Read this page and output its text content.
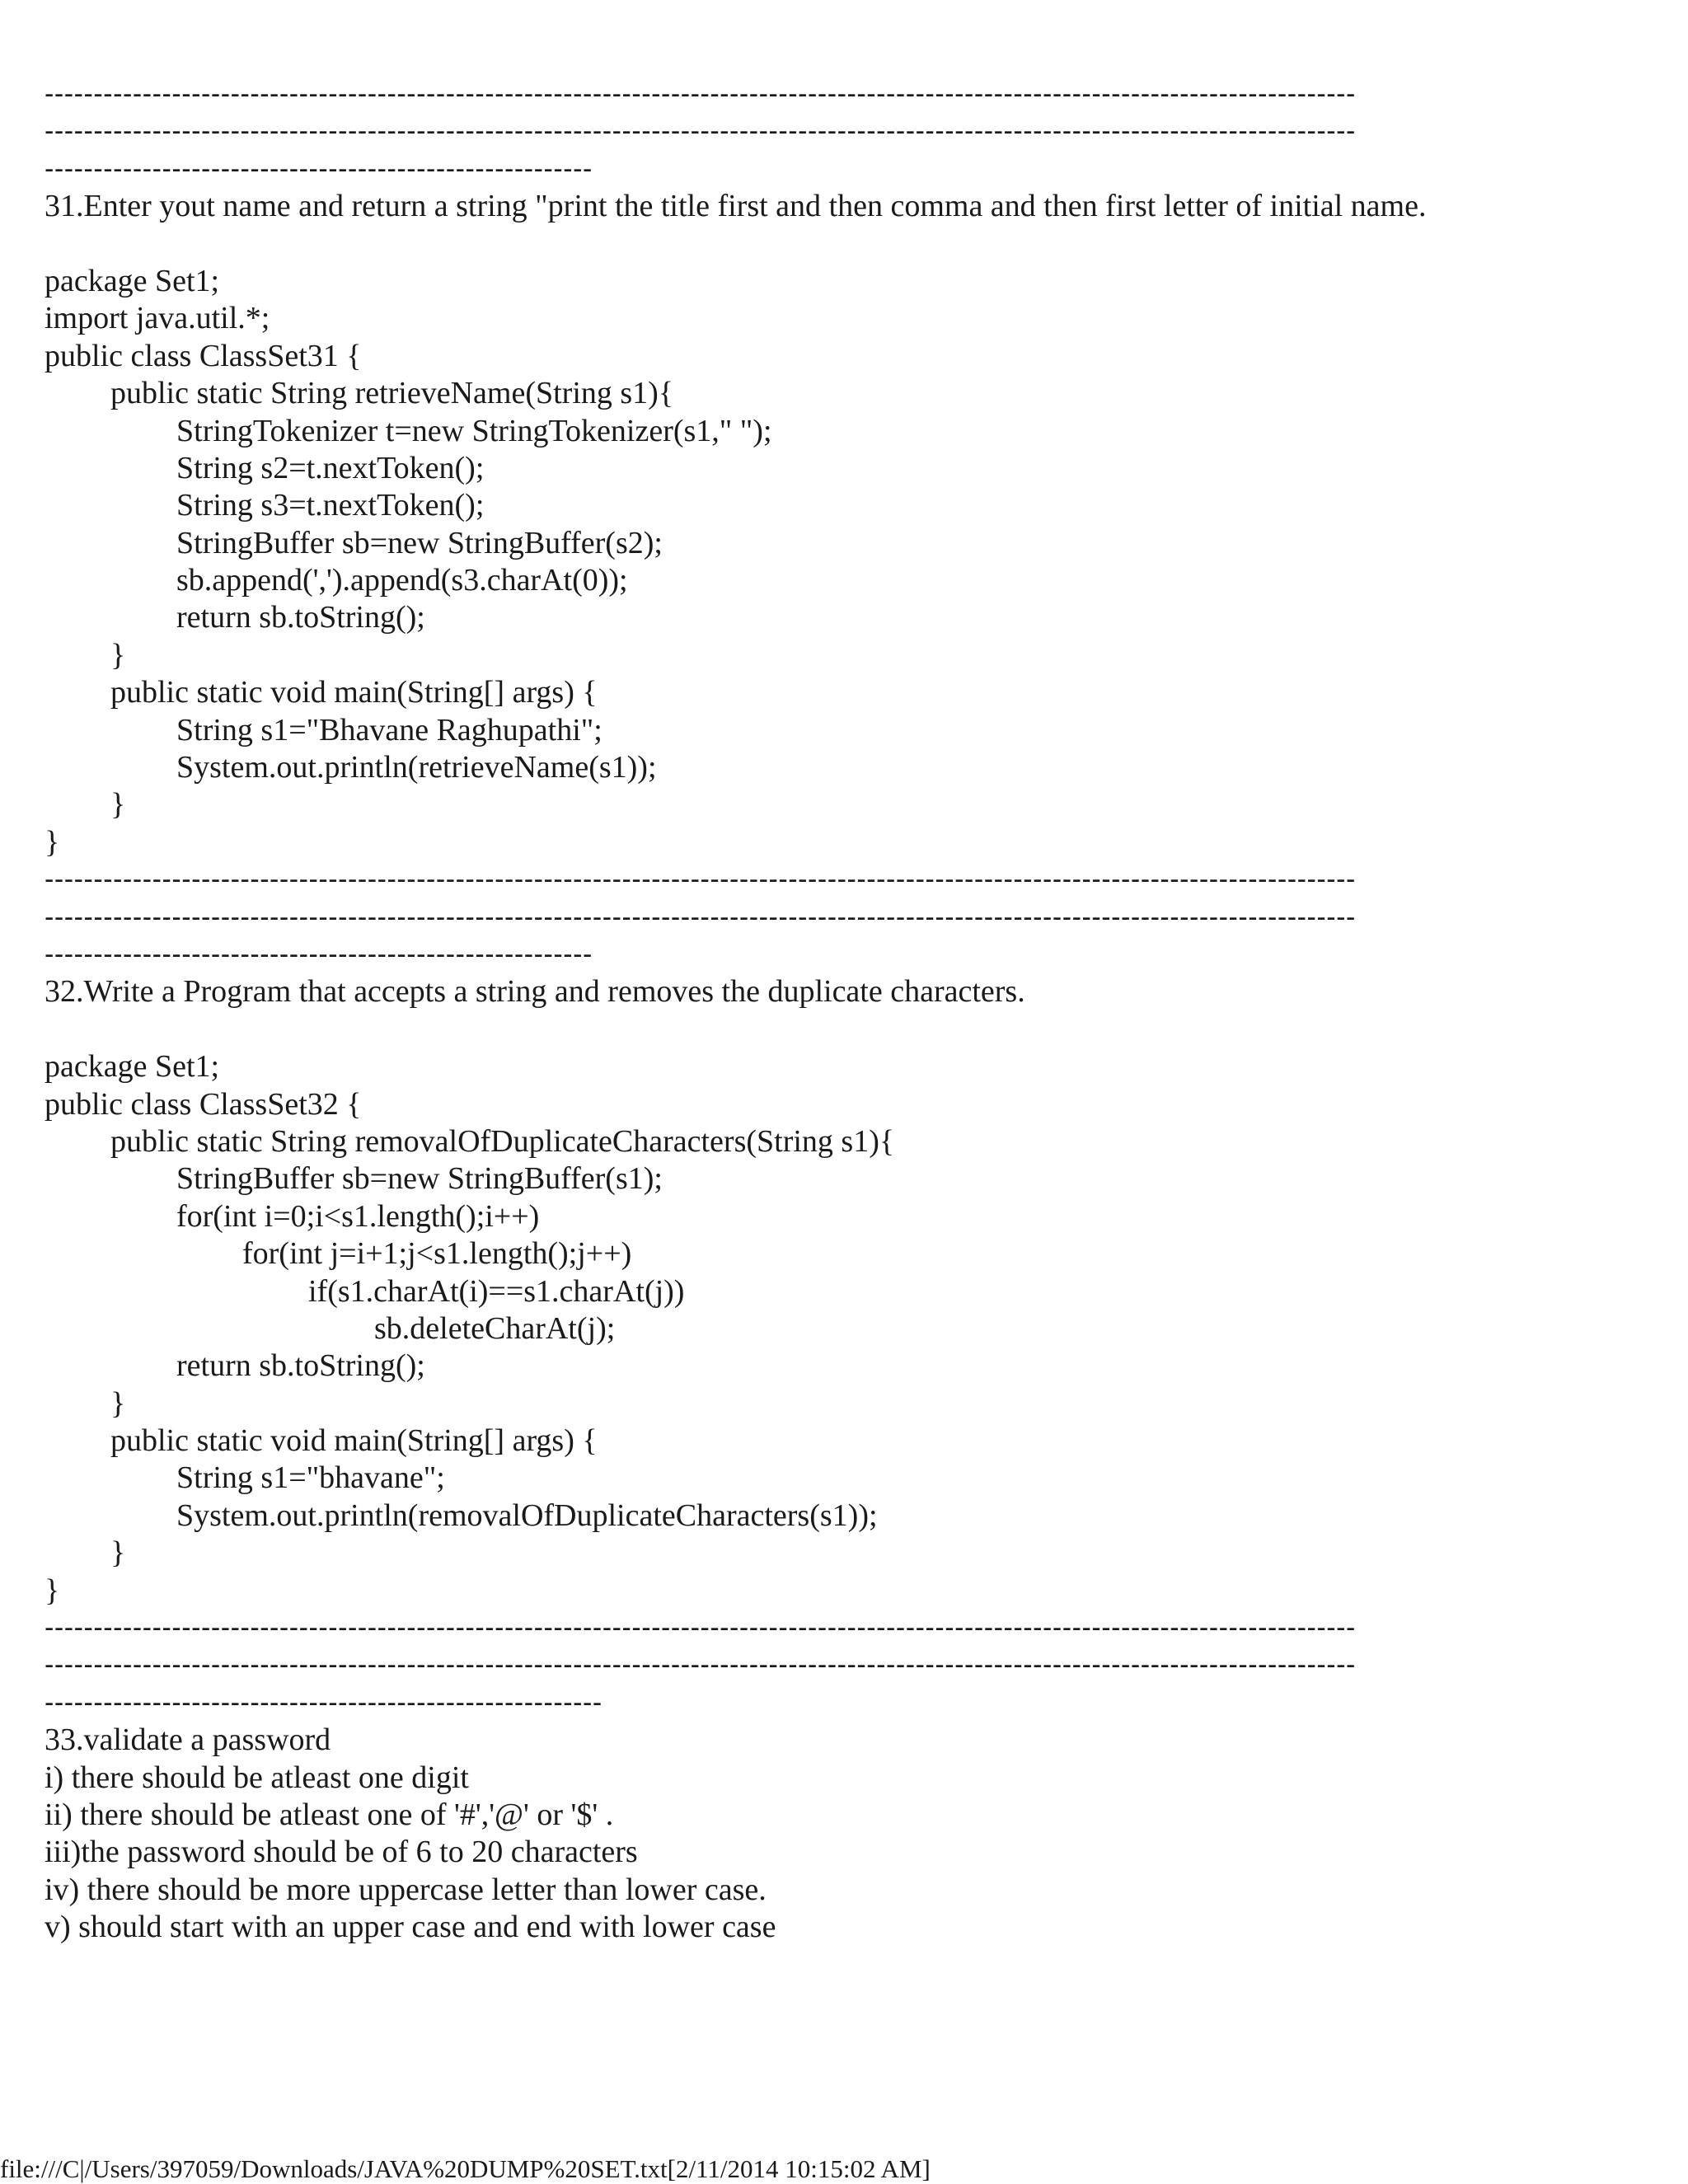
--------------------------------------------------------------------------------------------------------------------------------------
--------------------------------------------------------------------------------------------------------------------------------------
--------------------------------------------------------
31.Enter yout name and return a string "print the title first and then comma and then first letter of initial name.
package Set1;
import java.util.*;
public class ClassSet31 {
public static String retrieveName(String s1){
StringTokenizer t=new StringTokenizer(s1," ");
String s2=t.nextToken();
String s3=t.nextToken();
StringBuffer sb=new StringBuffer(s2);
sb.append(',').append(s3.charAt(0));
return sb.toString();
}
public static void main(String[] args) {
String s1="Bhavane Raghupathi";
System.out.println(retrieveName(s1));
}
}
--------------------------------------------------------------------------------------------------------------------------------------
--------------------------------------------------------------------------------------------------------------------------------------
--------------------------------------------------------
32.Write a Program that accepts a string and removes the duplicate characters.
package Set1;
public class ClassSet32 {
public static String removalOfDuplicateCharacters(String s1){
StringBuffer sb=new StringBuffer(s1);
for(int i=0;i<s1.length();i++)
for(int j=i+1;j<s1.length();j++)
if(s1.charAt(i)==s1.charAt(j))
sb.deleteCharAt(j);
return sb.toString();
}
public static void main(String[] args) {
String s1="bhavane";
System.out.println(removalOfDuplicateCharacters(s1));
}
}
--------------------------------------------------------------------------------------------------------------------------------------
--------------------------------------------------------------------------------------------------------------------------------------
---------------------------------------------------------
33.validate a password
i) there should be atleast one digit
ii) there should be atleast one of '#','@' or '$' .
iii)the password should be of 6 to 20 characters
iv) there should be more uppercase letter than lower case.
v) should start with an upper case and end with lower case
file:///C|/Users/397059/Downloads/JAVA%20DUMP%20SET.txt[2/11/2014 10:15:02 AM]
